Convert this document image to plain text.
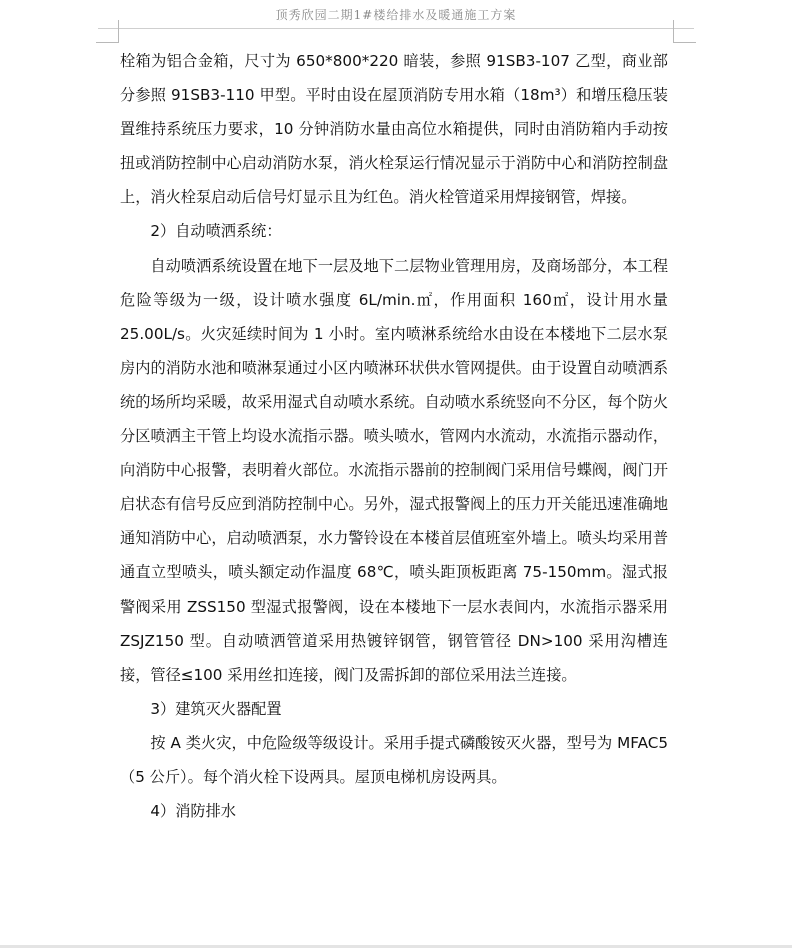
顶秀欣园二期1#楼给排水及暖通施工方案

栓箱为铝合金箱，尺寸为 650*800*220 暗装，参照 91SB3-107 乙型，商业部分参照 91SB3-110 甲型。平时由设在屋顶消防专用水箱（18m³）和增压稳压装置维持系统压力要求，10 分钟消防水量由高位水箱提供，同时由消防箱内手动按扭或消防控制中心启动消防水泵，消火栓泵运行情况显示于消防中心和消防控制盘上，消火栓泵启动后信号灯显示且为红色。消火栓管道采用焊接钢管，焊接。

2）自动喷洒系统：

自动喷洒系统设置在地下一层及地下二层物业管理用房，及商场部分，本工程危险等级为一级，设计喷水强度 6L/min.㎡，作用面积 160㎡，设计用水量 25.00L/s。火灾延续时间为 1 小时。室内喷淋系统给水由设在本楼地下二层水泵房内的消防水池和喷淋泵通过小区内喷淋环状供水管网提供。由于设置自动喷洒系统的场所均采暖，故采用湿式自动喷水系统。自动喷水系统竖向不分区，每个防火分区喷洒主干管上均设水流指示器。喷头喷水，管网内水流动，水流指示器动作，向消防中心报警，表明着火部位。水流指示器前的控制阀门采用信号蝶阀，阀门开启状态有信号反应到消防控制中心。另外，湿式报警阀上的压力开关能迅速准确地通知消防中心，启动喷洒泵，水力警铃设在本楼首层值班室外墙上。喷头均采用普通直立型喷头，喷头额定动作温度 68℃，喷头距顶板距离 75-150mm。湿式报警阀采用 ZSS150 型湿式报警阀，设在本楼地下一层水表间内，水流指示器采用 ZSJZ150 型。自动喷洒管道采用热镀锌钢管，钢管管径 DN>100 采用沟槽连接，管径≤100 采用丝扣连接，阀门及需拆卸的部位采用法兰连接。

3）建筑灭火器配置

按 A 类火灾，中危险级等级设计。采用手提式磷酸铵灭火器，型号为 MFAC5（5 公斤）。每个消火栓下设两具。屋顶电梯机房设两具。

4）消防排水
